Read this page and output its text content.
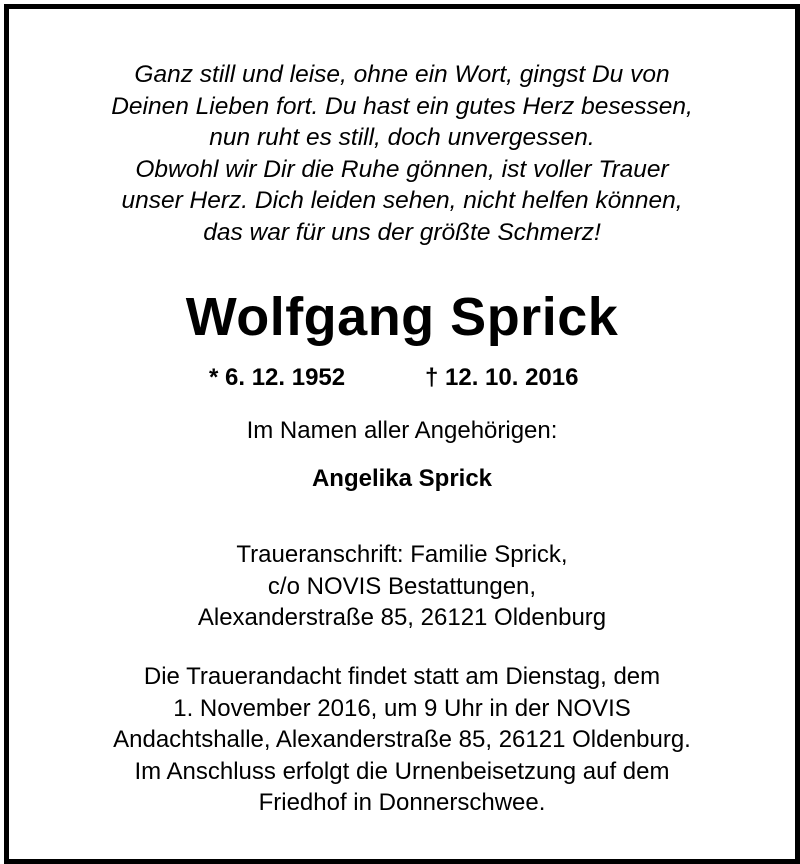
Ganz still und leise, ohne ein Wort, gingst Du von
Deinen Lieben fort. Du hast ein gutes Herz besessen,
nun ruht es still, doch unvergessen.
Obwohl wir Dir die Ruhe gönnen, ist voller Trauer
unser Herz. Dich leiden sehen, nicht helfen können,
das war für uns der größte Schmerz!
Wolfgang Sprick
* 6. 12. 1952	† 12. 10. 2016
Im Namen aller Angehörigen:
Angelika Sprick
Traueranschrift: Familie Sprick,
c/o NOVIS Bestattungen,
Alexanderstraße 85, 26121 Oldenburg
Die Trauerandacht findet statt am Dienstag, dem
1. November 2016, um 9 Uhr in der NOVIS
Andachtshalle, Alexanderstraße 85, 26121 Oldenburg.
Im Anschluss erfolgt die Urnenbeisetzung auf dem
Friedhof in Donnerschwee.
